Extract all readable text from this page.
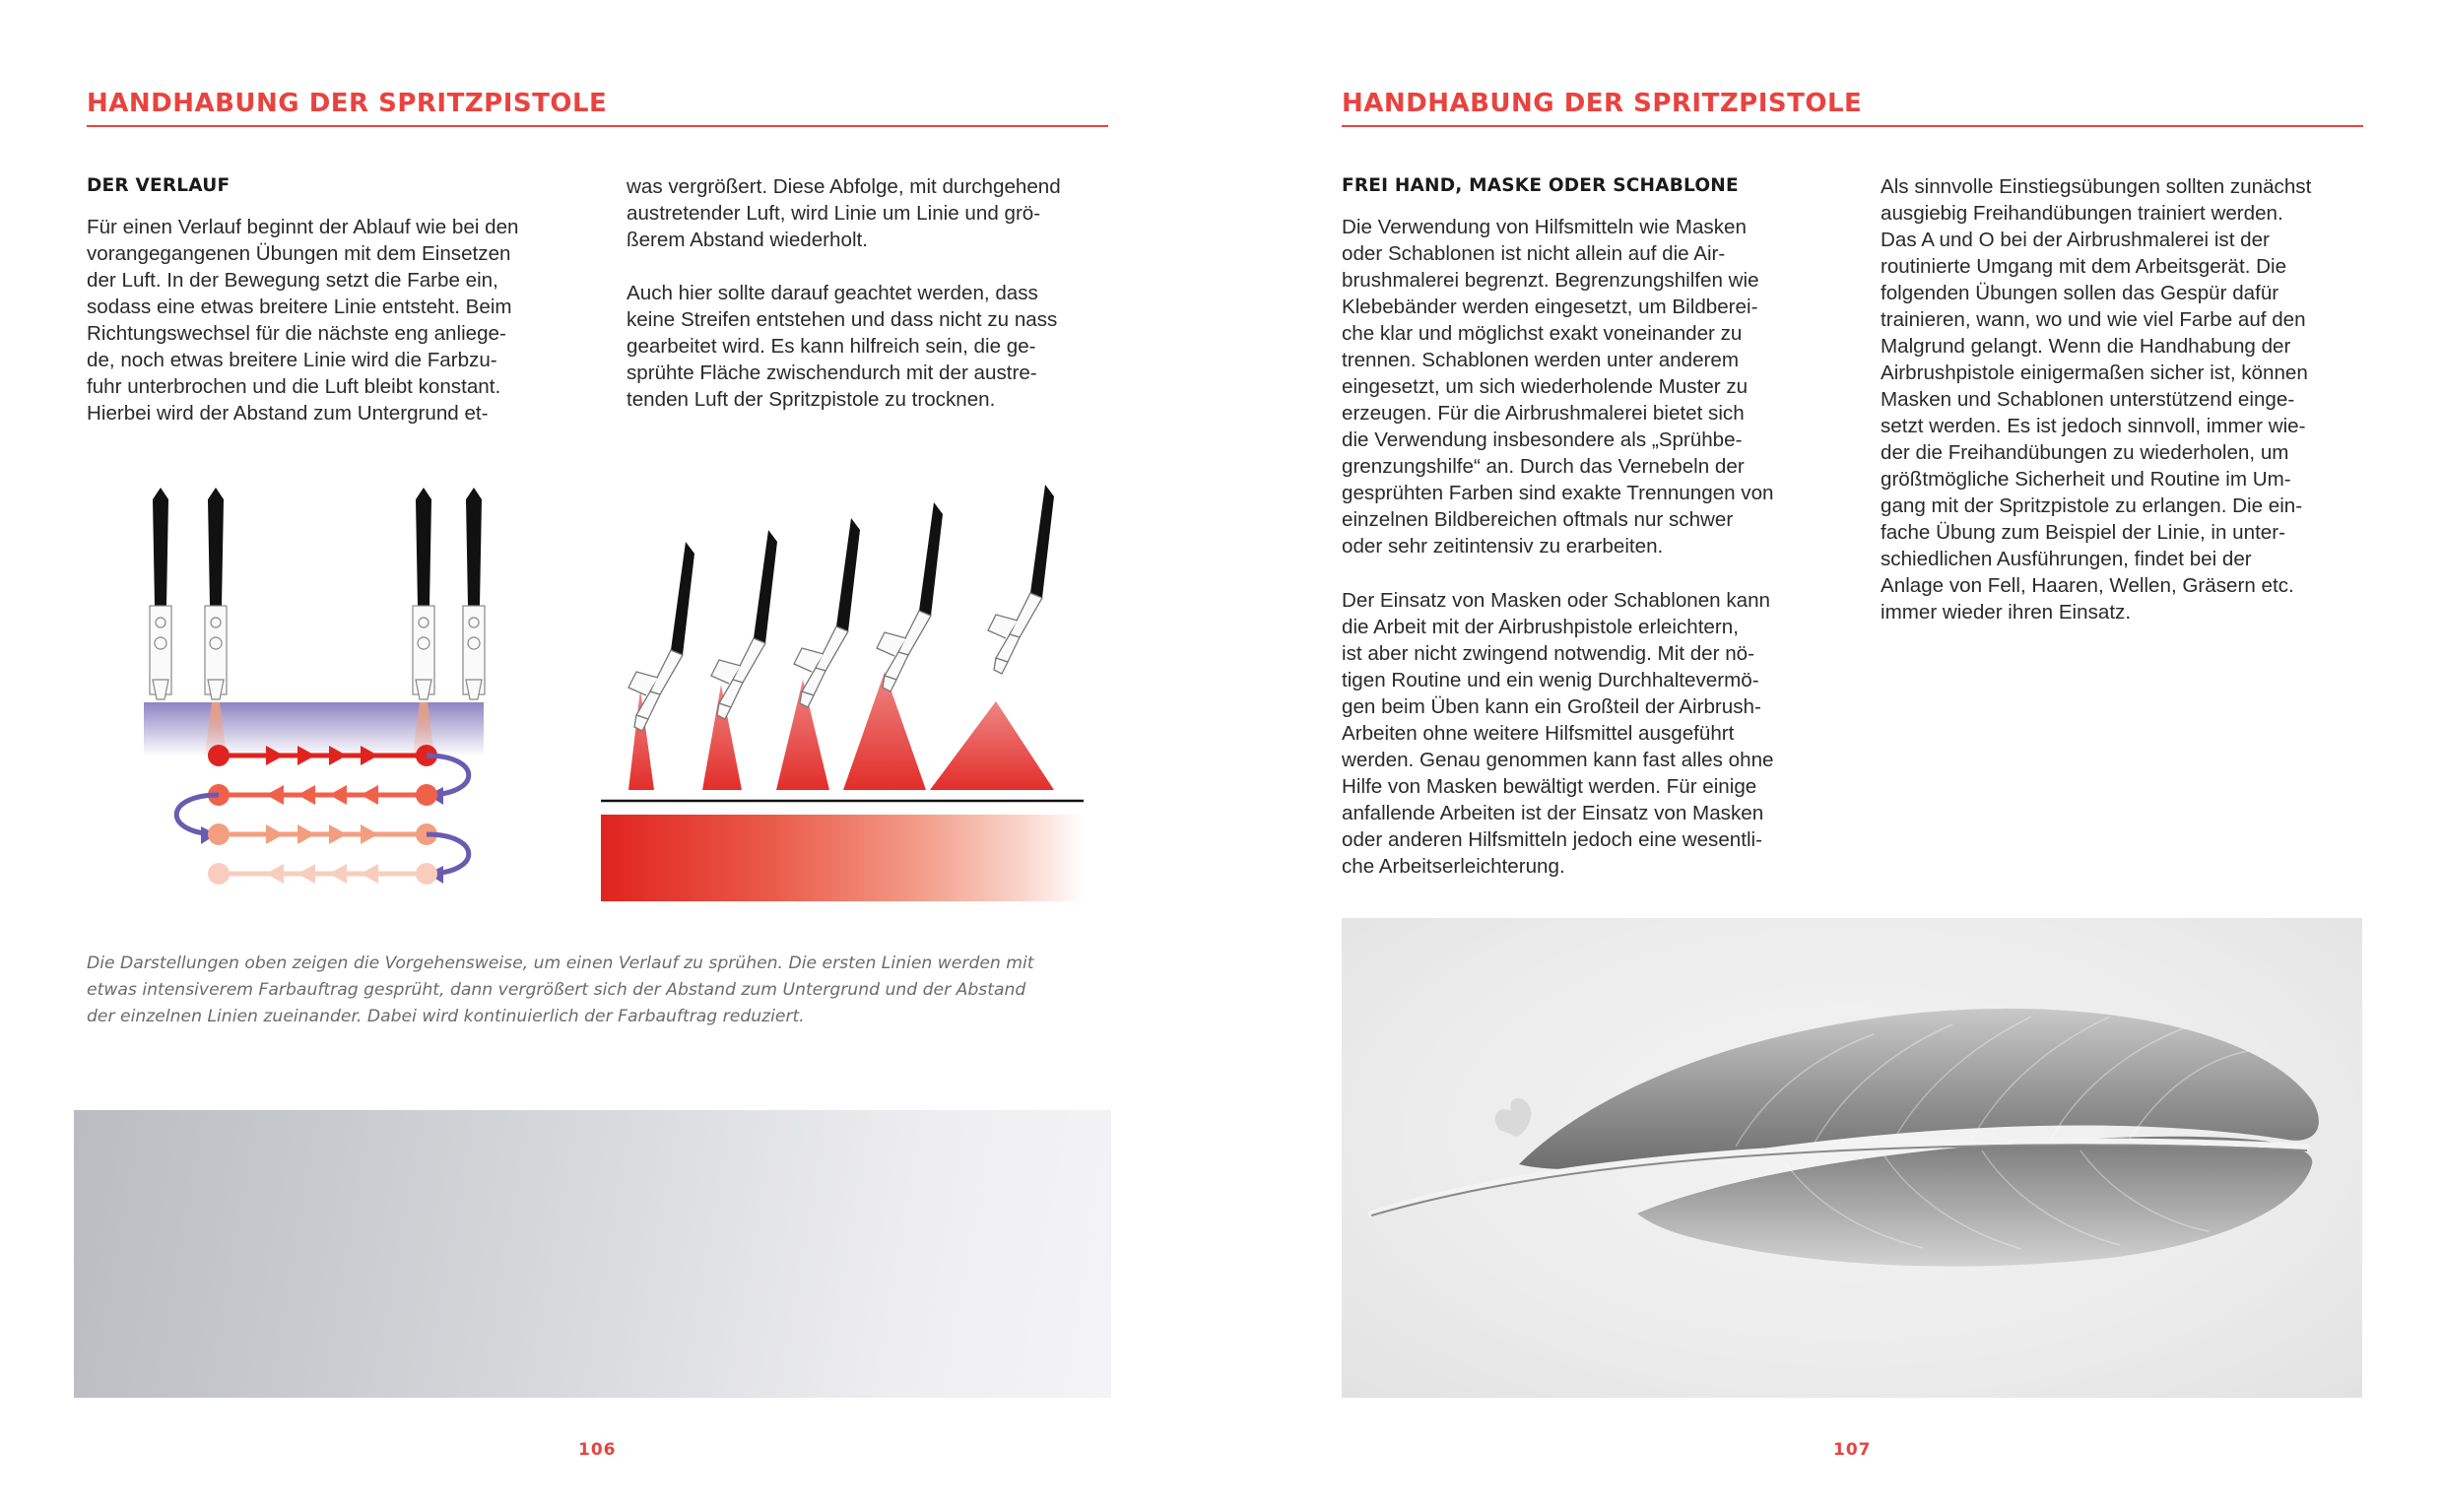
HANDHABUNG DER SPRITZPISTOLE
DER VERLAUF
Für einen Verlauf beginnt der Ablauf wie bei den
vorangegangenen Übungen mit dem Einsetzen
der Luft. In der Bewegung setzt die Farbe ein,
sodass eine etwas breitere Linie entsteht. Beim
Richtungswechsel für die nächste eng anliege-
de, noch etwas breitere Linie wird die Farbzu-
fuhr unterbrochen und die Luft bleibt konstant.
Hierbei wird der Abstand zum Untergrund et-
was vergrößert. Diese Abfolge, mit durchgehend
austretender Luft, wird Linie um Linie und grö-
ßerem Abstand wiederholt.
Auch hier sollte darauf geachtet werden, dass
keine Streifen entstehen und dass nicht zu nass
gearbeitet wird. Es kann hilfreich sein, die ge-
sprühte Fläche zwischendurch mit der austre-
tenden Luft der Spritzpistole zu trocknen.
Die Darstellungen oben zeigen die Vorgehensweise, um einen Verlauf zu sprühen. Die ersten Linien werden mit
etwas intensiverem Farbauftrag gesprüht, dann vergrößert sich der Abstand zum Untergrund und der Abstand
der einzelnen Linien zueinander. Dabei wird kontinuierlich der Farbauftrag reduziert.
106
HANDHABUNG DER SPRITZPISTOLE
FREI HAND, MASKE ODER SCHABLONE
Die Verwendung von Hilfsmitteln wie Masken
oder Schablonen ist nicht allein auf die Air-
brushmalerei begrenzt. Begrenzungshilfen wie
Klebebänder werden eingesetzt, um Bildberei-
che klar und möglichst exakt voneinander zu
trennen. Schablonen werden unter anderem
eingesetzt, um sich wiederholende Muster zu
erzeugen. Für die Airbrushmalerei bietet sich
die Verwendung insbesondere als „Sprühbe-
grenzungshilfe“ an. Durch das Vernebeln der
gesprühten Farben sind exakte Trennungen von
einzelnen Bildbereichen oftmals nur schwer
oder sehr zeitintensiv zu erarbeiten.
Der Einsatz von Masken oder Schablonen kann
die Arbeit mit der Airbrushpistole erleichtern,
ist aber nicht zwingend notwendig. Mit der nö-
tigen Routine und ein wenig Durchhaltevermö-
gen beim Üben kann ein Großteil der Airbrush-
Arbeiten ohne weitere Hilfsmittel ausgeführt
werden. Genau genommen kann fast alles ohne
Hilfe von Masken bewältigt werden. Für einige
anfallende Arbeiten ist der Einsatz von Masken
oder anderen Hilfsmitteln jedoch eine wesentli-
che Arbeitserleichterung.
Als sinnvolle Einstiegsübungen sollten zunächst
ausgiebig Freihandübungen trainiert werden.
Das A und O bei der Airbrushmalerei ist der
routinierte Umgang mit dem Arbeitsgerät. Die
folgenden Übungen sollen das Gespür dafür
trainieren, wann, wo und wie viel Farbe auf den
Malgrund gelangt. Wenn die Handhabung der
Airbrushpistole einigermaßen sicher ist, können
Masken und Schablonen unterstützend einge-
setzt werden. Es ist jedoch sinnvoll, immer wie-
der die Freihandübungen zu wiederholen, um
größtmögliche Sicherheit und Routine im Um-
gang mit der Spritzpistole zu erlangen. Die ein-
fache Übung zum Beispiel der Linie, in unter-
schiedlichen Ausführungen, findet bei der
Anlage von Fell, Haaren, Wellen, Gräsern etc.
immer wieder ihren Einsatz.
107
